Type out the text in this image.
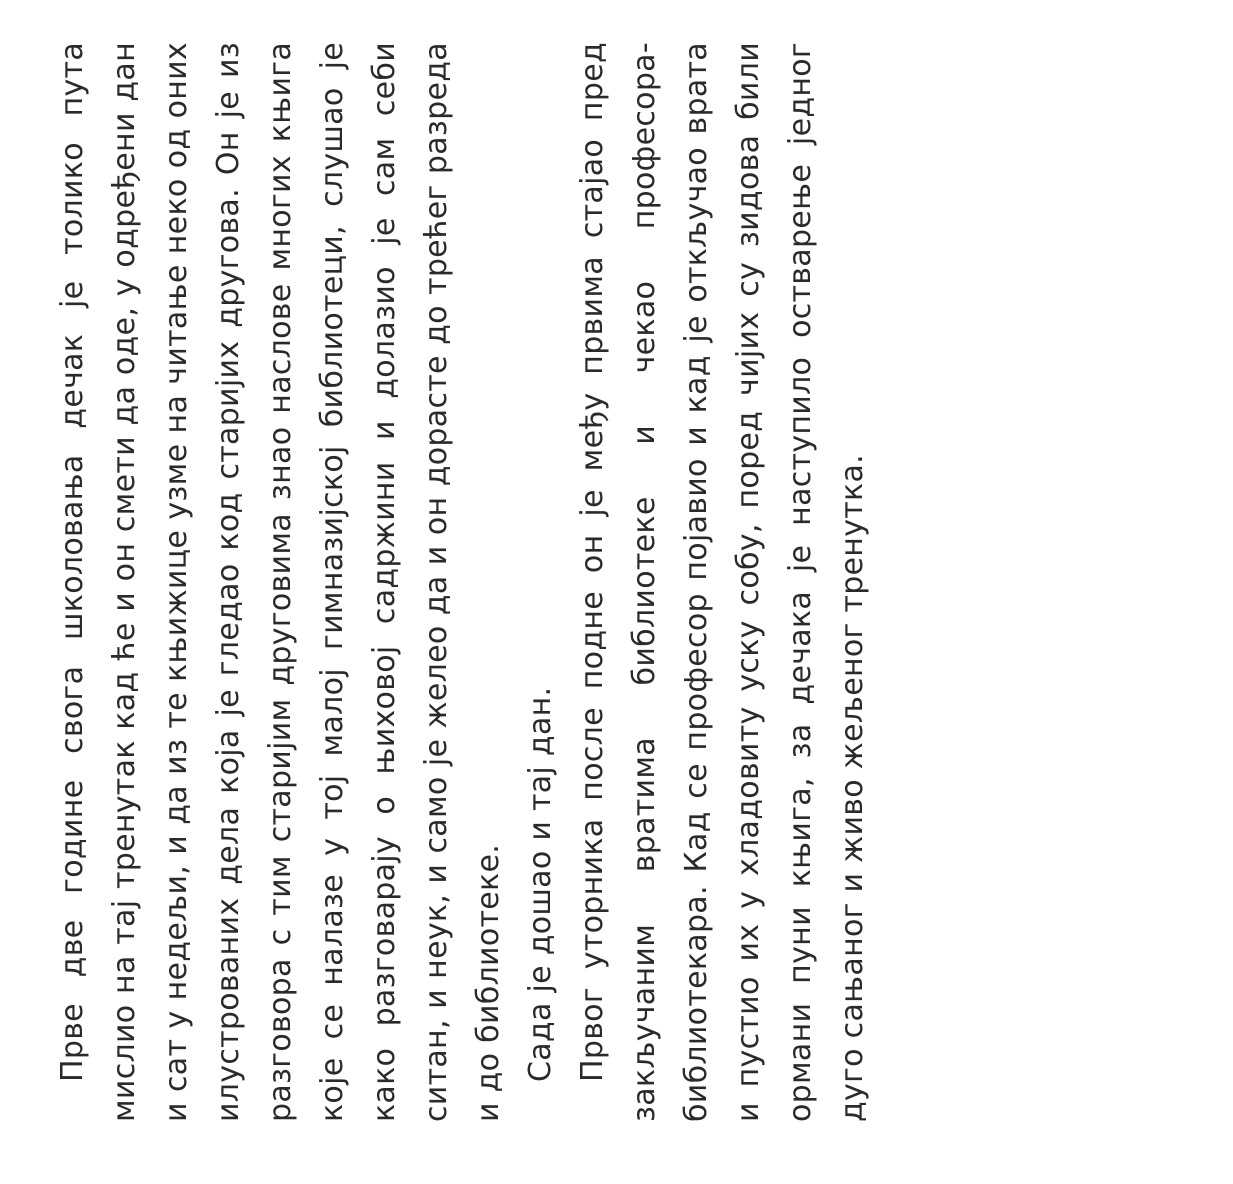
Прве две године свога школовања дечак је толико пута мислио на тај тренутак кад ће и он смети да оде, у одређени дан и сат у недељи, и да из те књижице узме на читање неко од оних илустрованих дела која је гледао код старијих другова. Он је из разговора с тим старијим друговима знао наслове многих књига које се налазе у тој малој гимназијској библиотеци, слушао је како разговарају о њиховој садржини и долазио је сам себи ситан, и неук, и само је желео да и он дорасте до трећег разреда и до библиотеке. Сада је дошао и тај дан. Првог уторника после подне он је међу првима стајао пред закључаним вратима библиотеке и чекао професора-библиотекара. Кад се професор појавио и кад је откључао врата и пустио их у хладовиту уску собу, поред чијих су зидова били ормани пуни књига, за дечака је наступило остварење једног дуго сањаног и живо жељеног тренутка.
